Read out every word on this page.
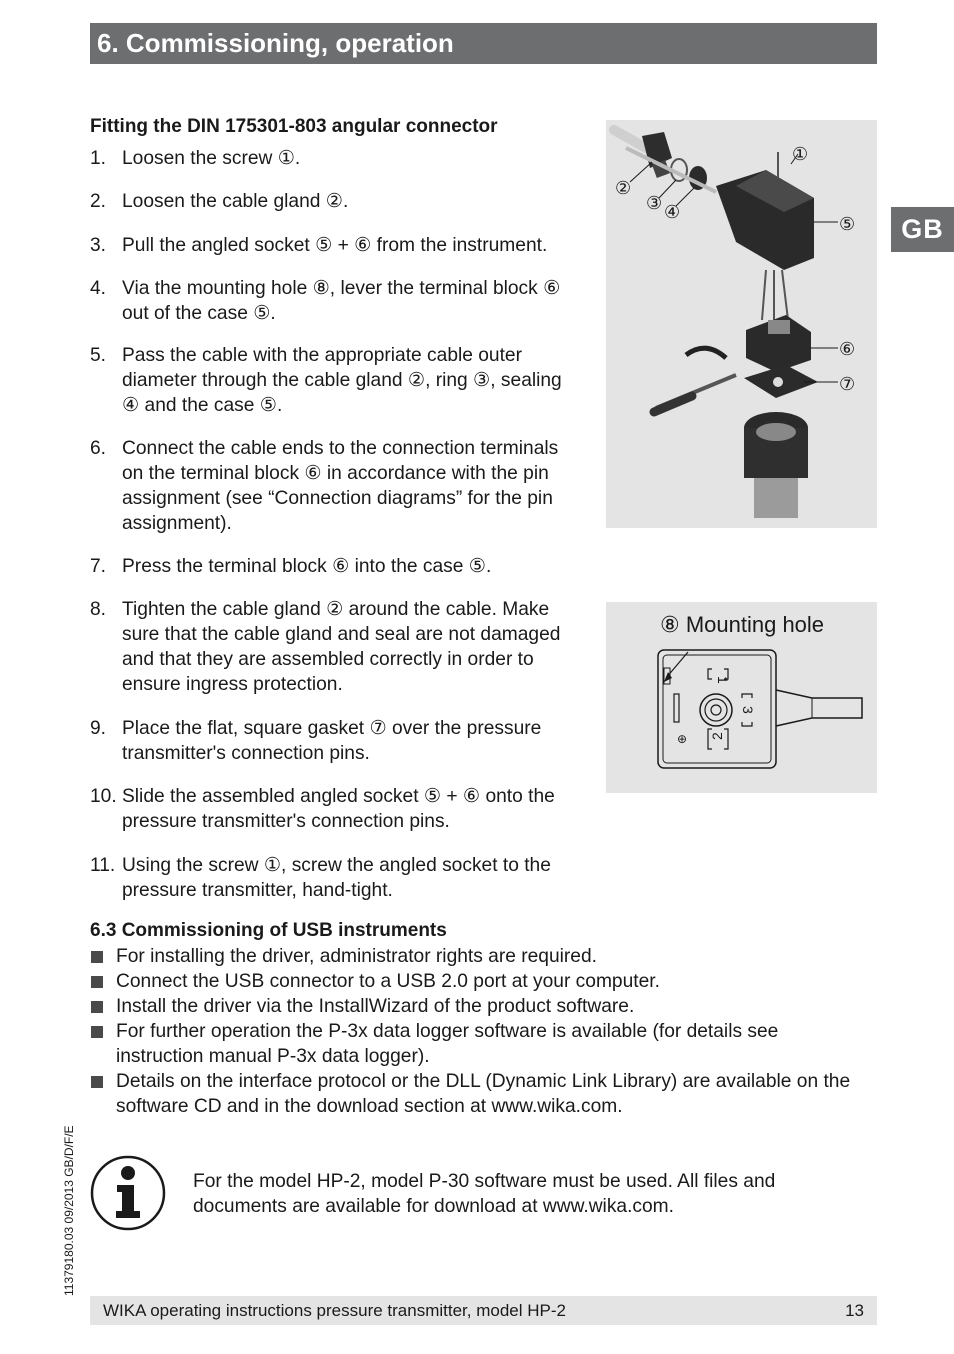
6. Commissioning, operation
GB
Fitting the DIN 175301-803 angular connector
1. Loosen the screw ①.
2. Loosen the cable gland ②.
3. Pull the angled socket ⑤ + ⑥ from the instrument.
4. Via the mounting hole ⑧, lever the terminal block ⑥ out of the case ⑤.
5. Pass the cable with the appropriate cable outer diameter through the cable gland ②, ring ③, sealing ④ and the case ⑤.
6. Connect the cable ends to the connection terminals on the terminal block ⑥ in accordance with the pin assignment (see “Connection diagrams” for the pin assignment).
7. Press the terminal block ⑥ into the case ⑤.
8. Tighten the cable gland ② around the cable. Make sure that the cable gland and seal are not damaged and that they are assembled correctly in order to ensure ingress protection.
9. Place the flat, square gasket ⑦ over the pressure transmitter's connection pins.
10. Slide the assembled angled socket ⑤ + ⑥ onto the pressure transmitter's connection pins.
11. Using the screw ①, screw the angled socket to the pressure transmitter, hand-tight.
①
②
③ ④
⑤
⑥
⑦
⑧ Mounting hole
1
2
3
⊕
6.3 Commissioning of USB instruments
For installing the driver, administrator rights are required.
Connect the USB connector to a USB 2.0 port at your computer.
Install the driver via the InstallWizard of the product software.
For further operation the P-3x data logger software is available (for details see instruction manual P-3x data logger).
Details on the interface protocol or the DLL (Dynamic Link Library) are available on the software CD and in the download section at www.wika.com.
For the model HP-2, model P-30 software must be used. All files and documents are available for download at www.wika.com.
11379180.03 09/2013 GB/D/F/E
WIKA operating instructions pressure transmitter, model HP-2	13
